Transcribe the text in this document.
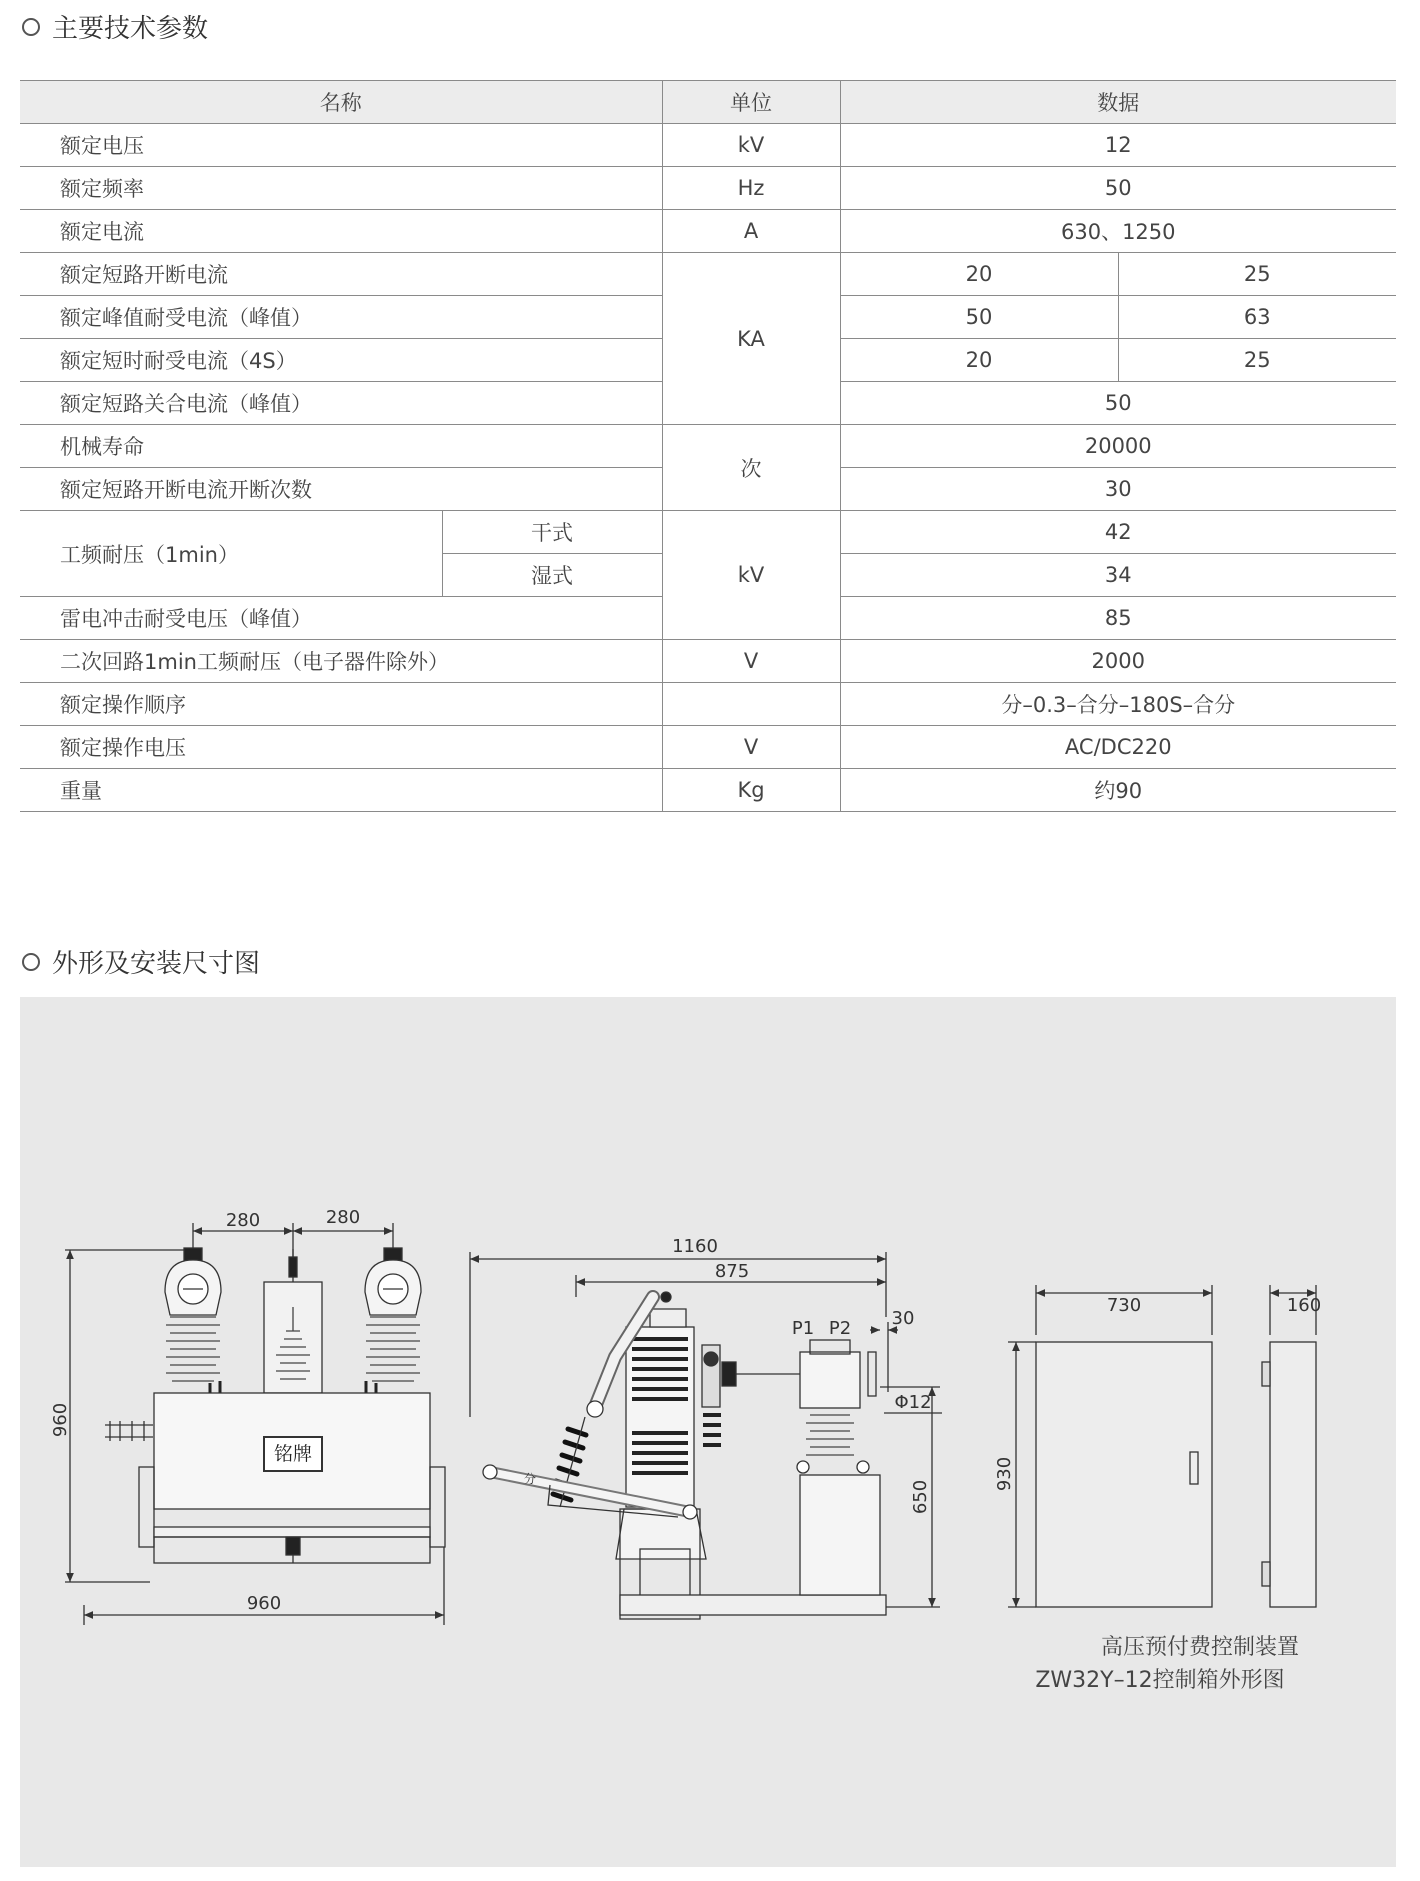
主要技术参数
名称		单位	数据	
额定电压		kV	12	
额定频率		Hz	50	
额定电流		A	630、1250	
额定短路开断电流		KA	20	25
额定峰值耐受电流（峰值）			50	63
额定短时耐受电流（4S）			20	25
额定短路关合电流（峰值）			50	
机械寿命		次	20000	
额定短路开断电流开断次数			30	
工频耐压（1min）	干式	kV	42	
	湿式		34	
雷电冲击耐受电压（峰值）			85	
二次回路1min工频耐压（电子器件除外）		V	2000	
额定操作顺序			分–0.3–合分–180S–合分	
额定操作电压		V	AC/DC220	
重量		Kg	约90	
外形及安装尺寸图
960
280	280
铭牌
960
1160
875
P1 P2 30
Φ12
650
分
730	160
930
高压预付费控制装置
ZW32Y–12控制箱外形图
